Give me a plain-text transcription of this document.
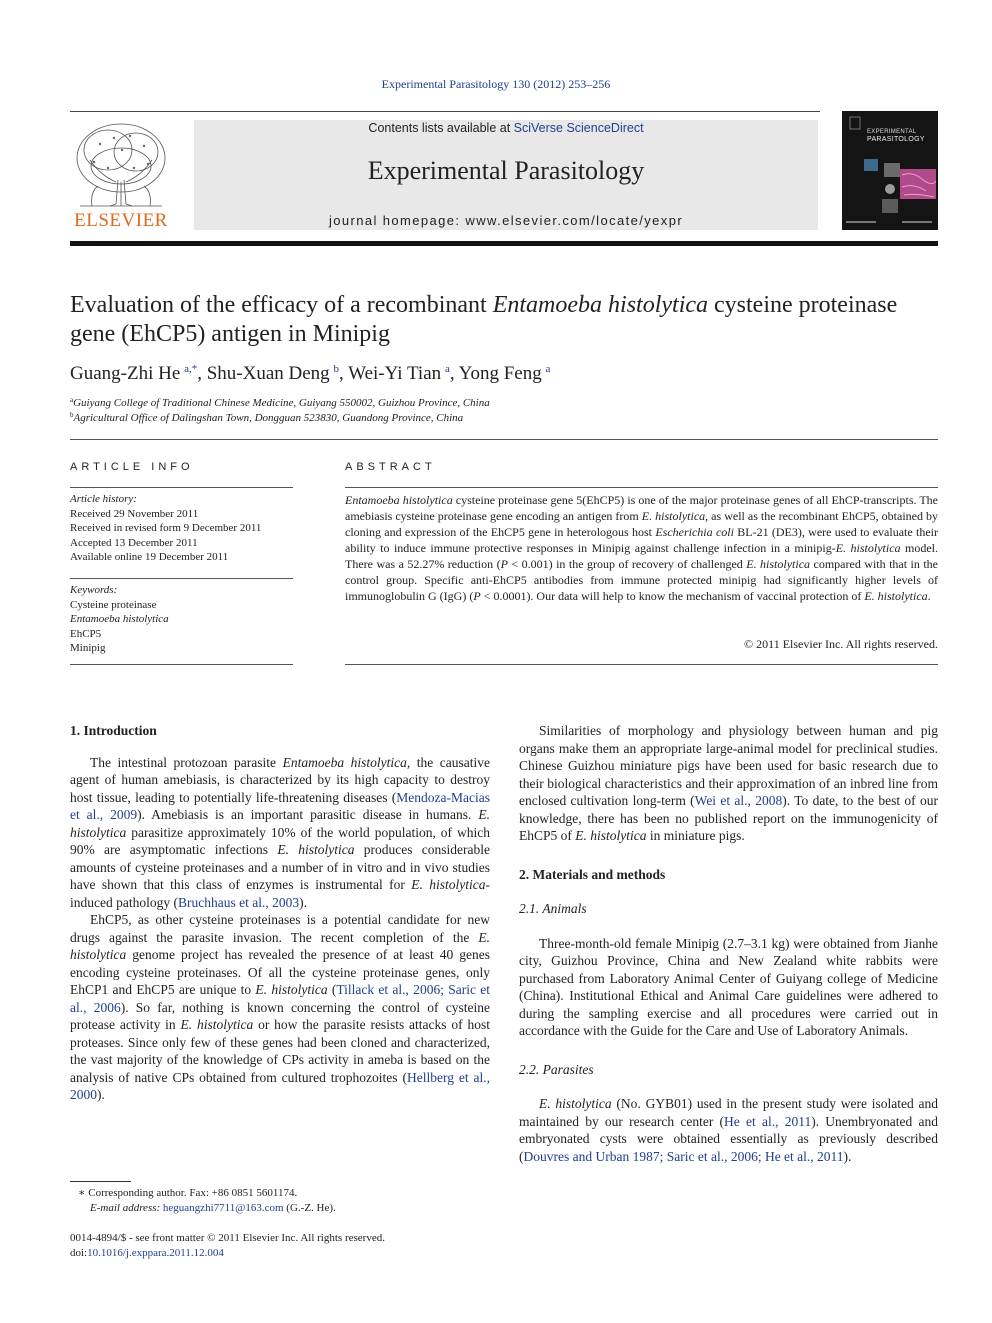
Experimental Parasitology 130 (2012) 253–256
ELSEVIER
Contents lists available at SciVerse ScienceDirect
Experimental Parasitology
journal homepage: www.elsevier.com/locate/yexpr
EXPERIMENTAL
PARASITOLOGY
Evaluation of the efficacy of a recombinant Entamoeba histolytica cysteine proteinase gene (EhCP5) antigen in Minipig
Guang-Zhi He  $^{a,*}$, Shu-Xuan Deng  $^b$, Wei-Yi Tian  $^a$, Yong Feng  $^a$
$^a$Guiyang College of Traditional Chinese Medicine, Guiyang 550002, Guizhou Province, China
$^b$Agricultural Office of Dalingshan Town, Dongguan 523830, Guandong Province, China
ARTICLE INFO
Article history:
Received 29 November 2011
Received in revised form 9 December 2011
Accepted 13 December 2011
Available online 19 December 2011
Keywords:
Cysteine proteinase
Entamoeba histolytica
EhCP5
Minipig
ABSTRACT
Entamoeba histolytica cysteine proteinase gene 5(EhCP5) is one of the major proteinase genes of all EhCP-transcripts. The amebiasis cysteine proteinase gene encoding an antigen from E. histolytica, as well as the recombinant EhCP5, obtained by cloning and expression of the EhCP5 gene in heterologous host Escherichia coli BL-21 (DE3), were used to evaluate their ability to induce immune protective responses in Minipig against challenge infection in a minipig-E. histolytica model. There was a 52.27% reduction (P < 0.001) in the group of recovery of challenged E. histolytica compared with that in the control group. Specific anti-EhCP5 antibodies from immune protected minipig had significantly higher levels of immunoglobulin G (IgG) (P < 0.0001). Our data will help to know the mechanism of vaccinal protection of E. histolytica.
© 2011 Elsevier Inc. All rights reserved.
1. Introduction

The intestinal protozoan parasite Entamoeba histolytica, the causative agent of human amebiasis, is characterized by its high capacity to destroy host tissue, leading to potentially life-threatening diseases (Mendoza-Macias et al., 2009). Amebiasis is an important parasitic disease in humans. E. histolytica parasitize approximately 10% of the world population, of which 90% are asymptomatic infections E. histolytica produces considerable amounts of cysteine proteinases and a number of in vitro and in vivo studies have shown that this class of enzymes is instrumental for E. histolytica-induced pathology (Bruchhaus et al., 2003).

EhCP5, as other cysteine proteinases is a potential candidate for new drugs against the parasite invasion. The recent completion of the E. histolytica genome project has revealed the presence of at least 40 genes encoding cysteine proteinases. Of all the cysteine proteinase genes, only EhCP1 and EhCP5 are unique to E. histolytica (Tillack et al., 2006; Saric et al., 2006). So far, nothing is known concerning the control of cysteine protease activity in E. histolytica or how the parasite resists attacks of host proteases. Since only few of these genes had been cloned and characterized, the vast majority of the knowledge of CPs activity in ameba is based on the analysis of native CPs obtained from cultured trophozoites (Hellberg et al., 2000).

∗ Corresponding author. Fax: +86 0851 5601174.
E-mail address: heguangzhi7711@163.com (G.-Z. He).
0014-4894/$ - see front matter © 2011 Elsevier Inc. All rights reserved.
doi:10.1016/j.exppara.2011.12.004

Similarities of morphology and physiology between human and pig organs make them an appropriate large-animal model for preclinical studies. Chinese Guizhou miniature pigs have been used for basic research due to their biological characteristics and their approximation of an inbred line from enclosed cultivation long-term (Wei et al., 2008). To date, to the best of our knowledge, there has been no published report on the immunogenicity of EhCP5 of E. histolytica in miniature pigs.

2. Materials and methods
2.1. Animals

Three-month-old female Minipig (2.7–3.1 kg) were obtained from Jianhe city, Guizhou Province, China and New Zealand white rabbits were purchased from Laboratory Animal Center of Guiyang college of Medicine (China). Institutional Ethical and Animal Care guidelines were adhered to during the sampling exercise and all procedures were carried out in accordance with the Guide for the Care and Use of Laboratory Animals.

2.2. Parasites

E. histolytica (No. GYB01) used in the present study were isolated and maintained by our research center (He et al., 2011). Unembryonated and embryonated cysts were obtained essentially as previously described (Douvres and Urban 1987; Saric et al., 2006; He et al., 2011).
